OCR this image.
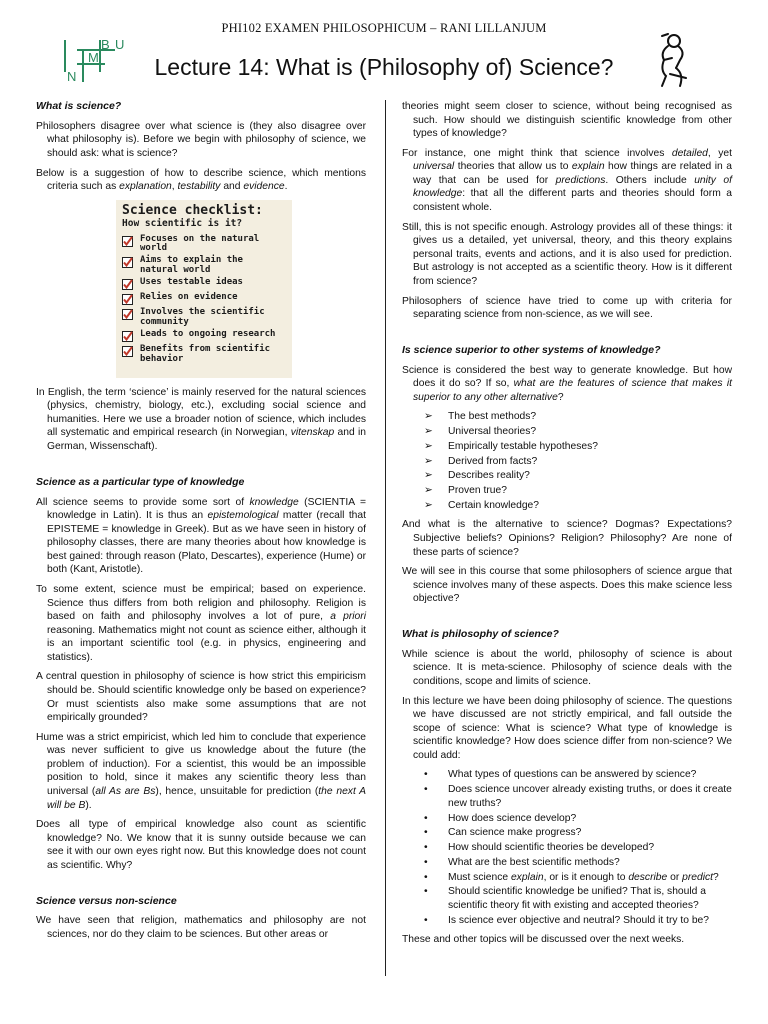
B U
M
N
PHI102 EXAMEN PHILOSOPHICUM – RANI LILLANJUM
Lecture 14: What is (Philosophy of) Science?
What is science?

Philosophers disagree over what science is (they also disagree over what philosophy is). Before we begin with philosophy of science, we should ask: what is science?

Below is a suggestion of how to describe science, which mentions criteria such as explanation, testability and evidence.

Science checklist:
How scientific is it?
Focuses on the natural world
Aims to explain the natural world
Uses testable ideas
Relies on evidence
Involves the scientific community
Leads to ongoing research
Benefits from scientific behavior

In English, the term ‘science’ is mainly reserved for the natural sciences (physics, chemistry, biology, etc.), excluding social science and humanities. Here we use a broader notion of science, which includes all systematic and empirical research (in Norwegian, vitenskap and in German, Wissenschaft).

Science as a particular type of knowledge

All science seems to provide some sort of knowledge (SCIENTIA = knowledge in Latin). It is thus an epistemological matter (recall that EPISTEME = knowledge in Greek). But as we have seen in history of philosophy classes, there are many theories about how knowledge is best gained: through reason (Plato, Descartes), experience (Hume) or both (Kant, Aristotle).

To some extent, science must be empirical; based on experience. Science thus differs from both religion and philosophy. Religion is based on faith and philosophy involves a lot of pure, a priori reasoning. Mathematics might not count as science either, although it is an important scientific tool (e.g. in physics, engineering and statistics).

A central question in philosophy of science is how strict this empiricism should be. Should scientific knowledge only be based on experience? Or must scientists also make some assumptions that are not empirically grounded?

Hume was a strict empiricist, which led him to conclude that experience was never sufficient to give us knowledge about the future (the problem of induction). For a scientist, this would be an impossible position to hold, since it makes any scientific theory less than universal (all As are Bs), hence, unsuitable for prediction (the next A will be B).

Does all type of empirical knowledge also count as scientific knowledge? No. We know that it is sunny outside because we can see it with our own eyes right now. But this knowledge does not count as scientific. Why?

Science versus non-science

We have seen that religion, mathematics and philosophy are not sciences, nor do they claim to be sciences. But other areas or

theories might seem closer to science, without being recognised as such. How should we distinguish scientific knowledge from other types of knowledge?

For instance, one might think that science involves detailed, yet universal theories that allow us to explain how things are related in a way that can be used for predictions. Others include unity of knowledge: that all the different parts and theories should form a consistent whole.

Still, this is not specific enough. Astrology provides all of these things: it gives us a detailed, yet universal, theory, and this theory explains personal traits, events and actions, and it is also used for prediction. But astrology is not accepted as a scientific theory. How is it different from science?

Philosophers of science have tried to come up with criteria for separating science from non-science, as we will see.

Is science superior to other systems of knowledge?

Science is considered the best way to generate knowledge. But how does it do so? If so, what are the features of science that makes it superior to any other alternative?

➢ The best methods?
➢ Universal theories?
➢ Empirically testable hypotheses?
➢ Derived from facts?
➢ Describes reality?
➢ Proven true?
➢ Certain knowledge?

And what is the alternative to science? Dogmas? Expectations? Subjective beliefs? Opinions? Religion? Philosophy? Are none of these parts of science?

We will see in this course that some philosophers of science argue that science involves many of these aspects. Does this make science less objective?

What is philosophy of science?

While science is about the world, philosophy of science is about science. It is meta-science. Philosophy of science deals with the conditions, scope and limits of science.

In this lecture we have been doing philosophy of science. The questions we have discussed are not strictly empirical, and fall outside the scope of science: What is science? What type of knowledge is scientific knowledge? How does science differ from non-science? We could add:

• What types of questions can be answered by science?
• Does science uncover already existing truths, or does it create new truths?
• How does science develop?
• Can science make progress?
• How should scientific theories be developed?
• What are the best scientific methods?
• Must science explain, or is it enough to describe or predict?
• Should scientific knowledge be unified? That is, should a scientific theory fit with existing and accepted theories?
• Is science ever objective and neutral? Should it try to be?

These and other topics will be discussed over the next weeks.
